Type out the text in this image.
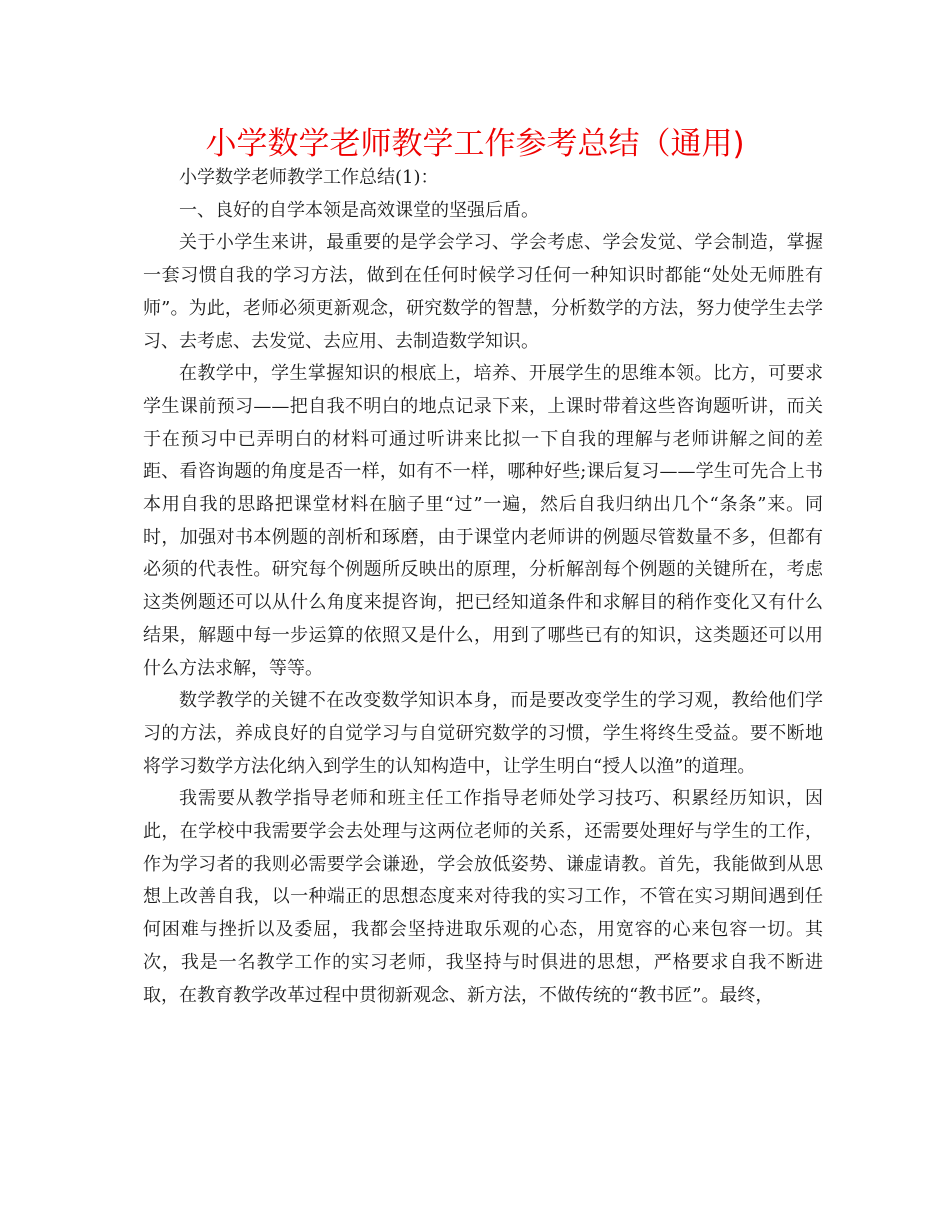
小学数学老师教学工作参考总结（通用)

小学数学老师教学工作总结(1)：

一、良好的自学本领是高效课堂的坚强后盾。

关于小学生来讲，最重要的是学会学习、学会考虑、学会发觉、学会制造，掌握一套习惯自我的学习方法，做到在任何时候学习任何一种知识时都能“处处无师胜有师”。为此，老师必须更新观念，研究数学的智慧，分析数学的方法，努力使学生去学习、去考虑、去发觉、去应用、去制造数学知识。

在教学中，学生掌握知识的根底上，培养、开展学生的思维本领。比方，可要求学生课前预习——把自我不明白的地点记录下来，上课时带着这些咨询题听讲，而关于在预习中已弄明白的材料可通过听讲来比拟一下自我的理解与老师讲解之间的差距、看咨询题的角度是否一样，如有不一样，哪种好些;课后复习——学生可先合上书本用自我的思路把课堂材料在脑子里“过”一遍，然后自我归纳出几个“条条”来。同时，加强对书本例题的剖析和琢磨，由于课堂内老师讲的例题尽管数量不多，但都有必须的代表性。研究每个例题所反映出的原理，分析解剖每个例题的关键所在，考虑这类例题还可以从什么角度来提咨询，把已经知道条件和求解目的稍作变化又有什么结果，解题中每一步运算的依照又是什么，用到了哪些已有的知识，这类题还可以用什么方法求解，等等。

数学教学的关键不在改变数学知识本身，而是要改变学生的学习观，教给他们学习的方法，养成良好的自觉学习与自觉研究数学的习惯，学生将终生受益。要不断地将学习数学方法化纳入到学生的认知构造中，让学生明白“授人以渔”的道理。

我需要从教学指导老师和班主任工作指导老师处学习技巧、积累经历知识，因此，在学校中我需要学会去处理与这两位老师的关系，还需要处理好与学生的工作，作为学习者的我则必需要学会谦逊，学会放低姿势、谦虚请教。首先，我能做到从思想上改善自我，以一种端正的思想态度来对待我的实习工作，不管在实习期间遇到任何困难与挫折以及委屈，我都会坚持进取乐观的心态，用宽容的心来包容一切。其次，我是一名教学工作的实习老师，我坚持与时俱进的思想，严格要求自我不断进取，在教育教学改革过程中贯彻新观念、新方法，不做传统的“教书匠”。最终，
